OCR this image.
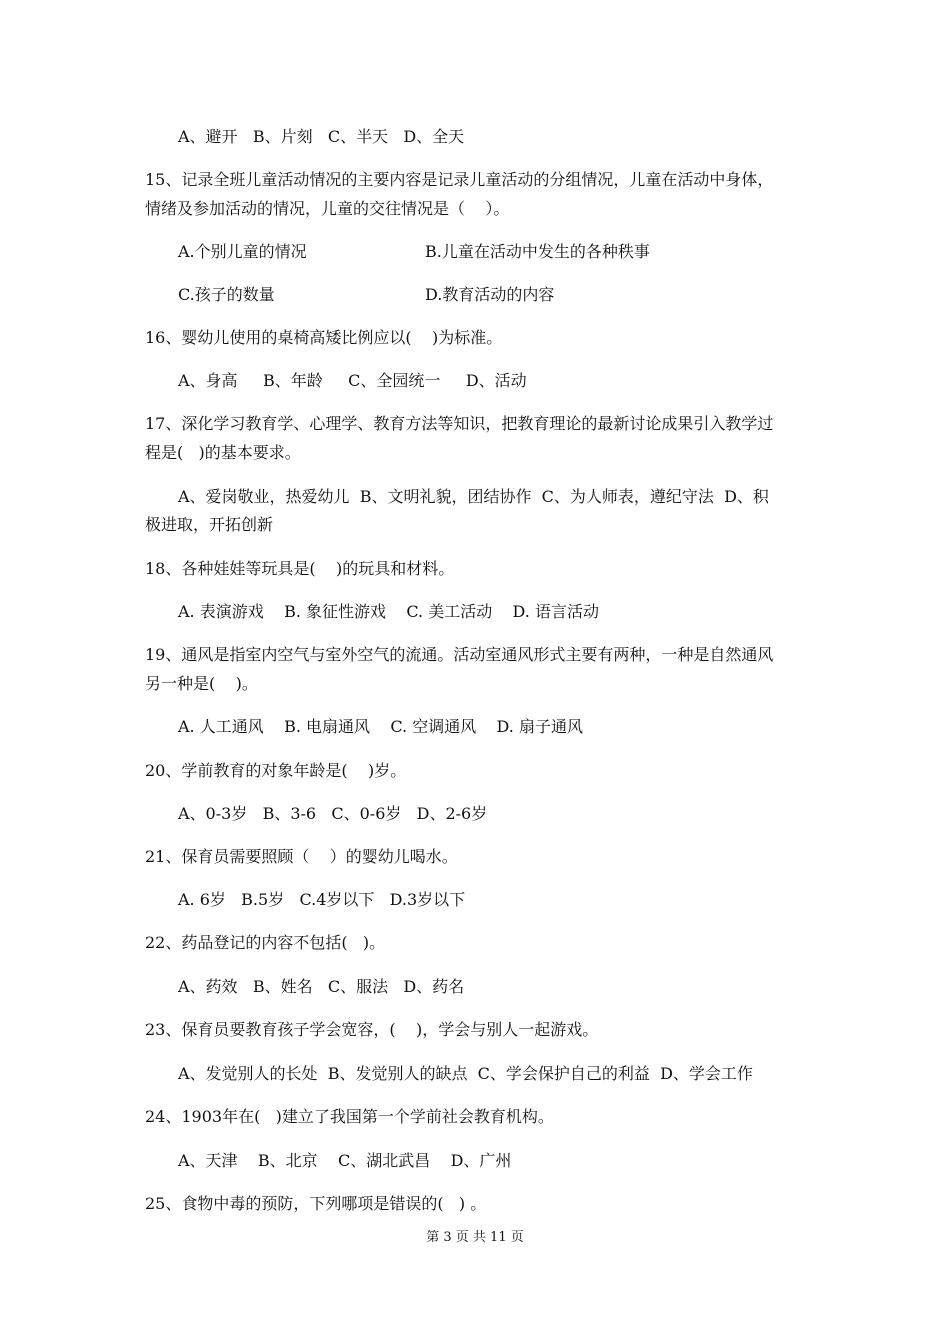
A、避开   B、片刻   C、半天   D、全天
15、记录全班儿童活动情况的主要内容是记录儿童活动的分组情况，儿童在活动中身体，
情绪及参加活动的情况，儿童的交往情况是（    ）。
A.个别儿童的情况	B.儿童在活动中发生的各种秩事
C.孩子的数量	D.教育活动的内容
16、婴幼儿使用的桌椅高矮比例应以(    )为标准。
A、身高     B、年龄     C、全园统一     D、活动
17、深化学习教育学、心理学、教育方法等知识，把教育理论的最新讨论成果引入教学过
程是(   )的基本要求。
A、爱岗敬业，热爱幼儿  B、文明礼貌，团结协作  C、为人师表，遵纪守法  D、积
极进取，开拓创新
18、各种娃娃等玩具是(    )的玩具和材料。
A. 表演游戏    B. 象征性游戏    C. 美工活动    D. 语言活动
19、通风是指室内空气与室外空气的流通。活动室通风形式主要有两种，一种是自然通风
另一种是(    )。
A. 人工通风    B. 电扇通风    C. 空调通风    D. 扇子通风
20、学前教育的对象年龄是(    )岁。
A、0-3岁   B、3-6   C、0-6岁   D、2-6岁
21、保育员需要照顾（    ）的婴幼儿喝水。
A. 6岁   B.5岁   C.4岁以下   D.3岁以下
22、药品登记的内容不包括(   )。
A、药效   B、姓名   C、服法   D、药名
23、保育员要教育孩子学会宽容，(    )，学会与别人一起游戏。
A、发觉别人的长处  B、发觉别人的缺点  C、学会保护自己的利益  D、学会工作
24、1903年在(   )建立了我国第一个学前社会教育机构。
A、天津    B、北京    C、湖北武昌    D、广州
25、食物中毒的预防，下列哪项是错误的(   ) 。
第 3 页 共 11 页
